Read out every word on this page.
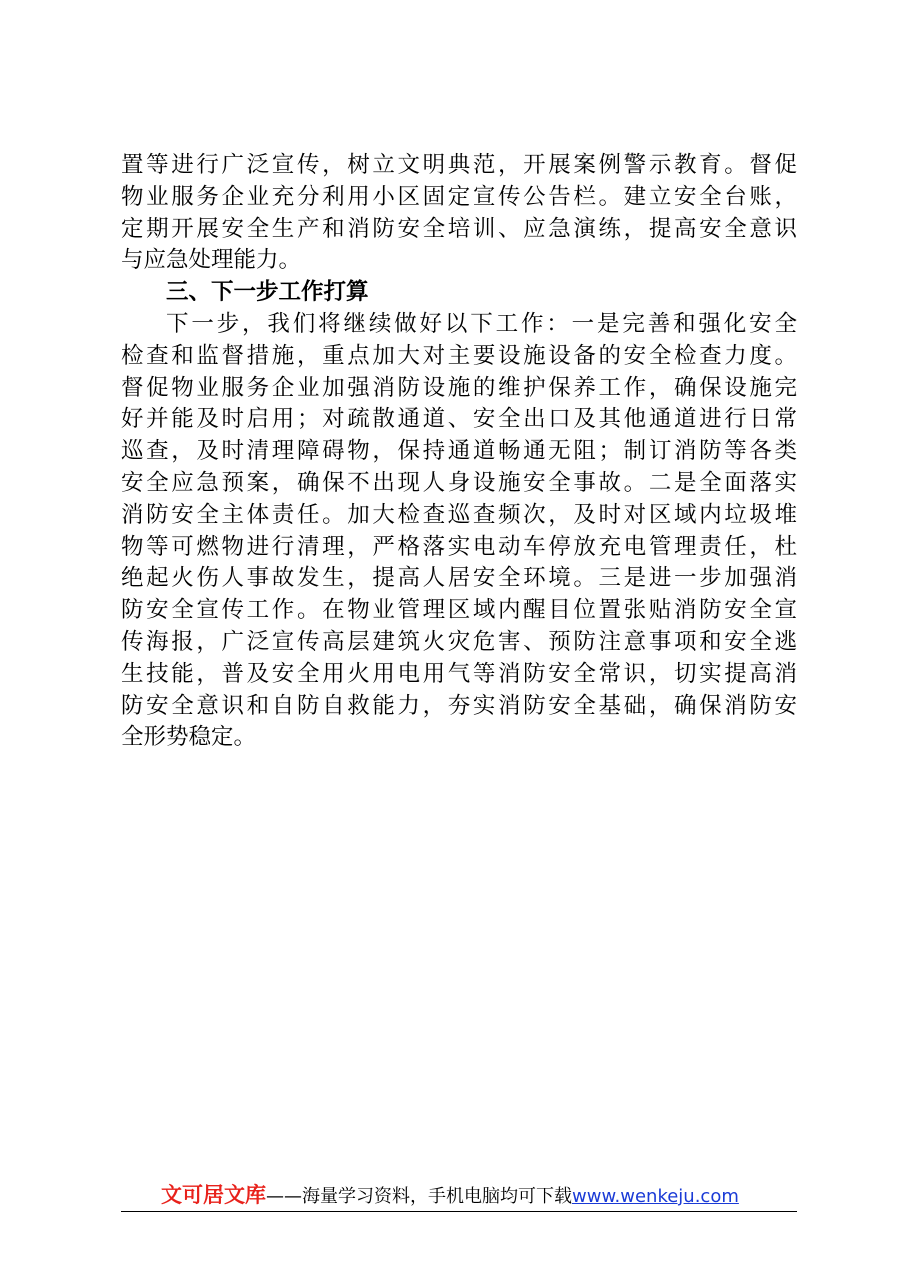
置等进行广泛宣传，树立文明典范，开展案例警示教育。督促
物业服务企业充分利用小区固定宣传公告栏。建立安全台账，
定期开展安全生产和消防安全培训、应急演练，提高安全意识
与应急处理能力。
三、下一步工作打算
下一步，我们将继续做好以下工作：一是完善和强化安全
检查和监督措施，重点加大对主要设施设备的安全检查力度。
督促物业服务企业加强消防设施的维护保养工作，确保设施完
好并能及时启用；对疏散通道、安全出口及其他通道进行日常
巡查，及时清理障碍物，保持通道畅通无阻；制订消防等各类
安全应急预案，确保不出现人身设施安全事故。二是全面落实
消防安全主体责任。加大检查巡查频次，及时对区域内垃圾堆
物等可燃物进行清理，严格落实电动车停放充电管理责任，杜
绝起火伤人事故发生，提高人居安全环境。三是进一步加强消
防安全宣传工作。在物业管理区域内醒目位置张贴消防安全宣
传海报，广泛宣传高层建筑火灾危害、预防注意事项和安全逃
生技能，普及安全用火用电用气等消防安全常识，切实提高消
防安全意识和自防自救能力，夯实消防安全基础，确保消防安
全形势稳定。
文可居文库——海量学习资料，手机电脑均可下载www.wenkeju.com
